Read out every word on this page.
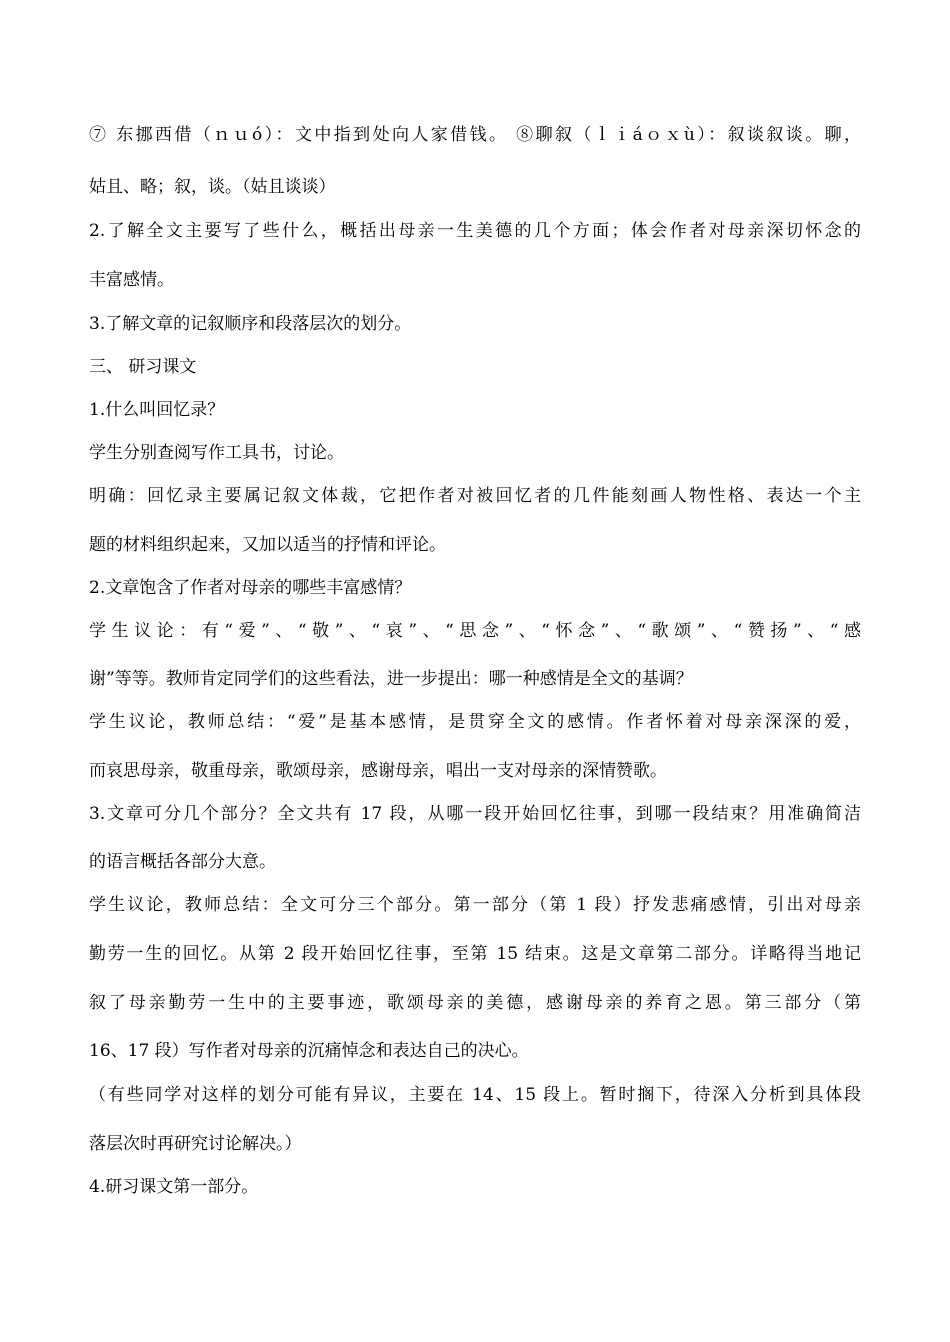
⑦ 东挪西借（ｎｕó）：文中指到处向人家借钱。 ⑧聊叙（ｌｉáｏｘù）：叙谈叙谈。聊，
姑且、略；叙，谈。（姑且谈谈）
2.了解全文主要写了些什么，概括出母亲一生美德的几个方面；体会作者对母亲深切怀念的
丰富感情。
3.了解文章的记叙顺序和段落层次的划分。
三、 研习课文
1.什么叫回忆录？
学生分别查阅写作工具书，讨论。
明确：回忆录主要属记叙文体裁，它把作者对被回忆者的几件能刻画人物性格、表达一个主
题的材料组织起来，又加以适当的抒情和评论。
2.文章饱含了作者对母亲的哪些丰富感情？
学生议论：有“爱”、“敬”、“哀”、“思念”、“怀念”、“歌颂”、“赞扬”、“感
谢”等等。教师肯定同学们的这些看法，进一步提出：哪一种感情是全文的基调？
学生议论，教师总结：“爱”是基本感情，是贯穿全文的感情。作者怀着对母亲深深的爱，
而哀思母亲，敬重母亲，歌颂母亲，感谢母亲，唱出一支对母亲的深情赞歌。
3.文章可分几个部分？全文共有 17 段，从哪一段开始回忆往事，到哪一段结束？用准确简洁
的语言概括各部分大意。
学生议论，教师总结：全文可分三个部分。第一部分（第 1 段）抒发悲痛感情，引出对母亲
勤劳一生的回忆。从第 2 段开始回忆往事，至第 15 结束。这是文章第二部分。详略得当地记
叙了母亲勤劳一生中的主要事迹，歌颂母亲的美德，感谢母亲的养育之恩。第三部分（第
16、17 段）写作者对母亲的沉痛悼念和表达自己的决心。
（有些同学对这样的划分可能有异议，主要在 14、15 段上。暂时搁下，待深入分析到具体段
落层次时再研究讨论解决。）
4.研习课文第一部分。
